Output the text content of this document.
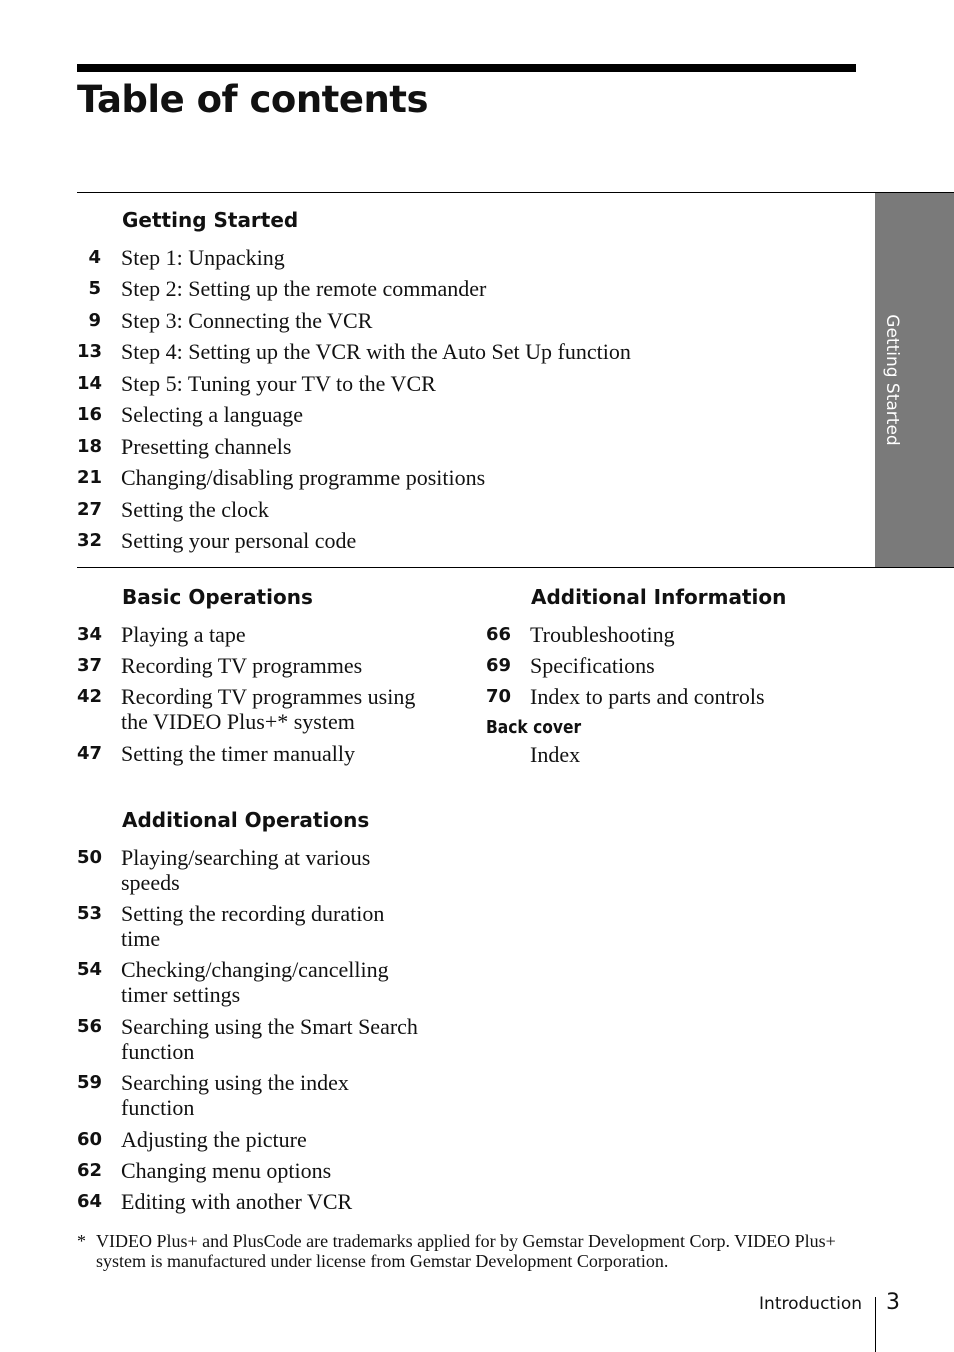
Table of contents
Getting Started
Getting Started
4 Step 1: Unpacking
5 Step 2: Setting up the remote commander
9 Step 3: Connecting the VCR
13 Step 4: Setting up the VCR with the Auto Set Up function
14 Step 5: Tuning your TV to the VCR
16 Selecting a language
18 Presetting channels
21 Changing/disabling programme positions
27 Setting the clock
32 Setting your personal code
Basic Operations
34 Playing a tape
37 Recording TV programmes
42 Recording TV programmes using
the VIDEO Plus+* system
47 Setting the timer manually
Additional Operations
50 Playing/searching at various
speeds
53 Setting the recording duration
time
54 Checking/changing/cancelling
timer settings
56 Searching using the Smart Search
function
59 Searching using the index
function
60 Adjusting the picture
62 Changing menu options
64 Editing with another VCR
Additional Information
66 Troubleshooting
69 Specifications
70 Index to parts and controls
Back cover
Index
* VIDEO Plus+ and PlusCode are trademarks applied for by Gemstar Development Corp. VIDEO Plus+ system is manufactured under license from Gemstar Development Corporation.
Introduction 3
